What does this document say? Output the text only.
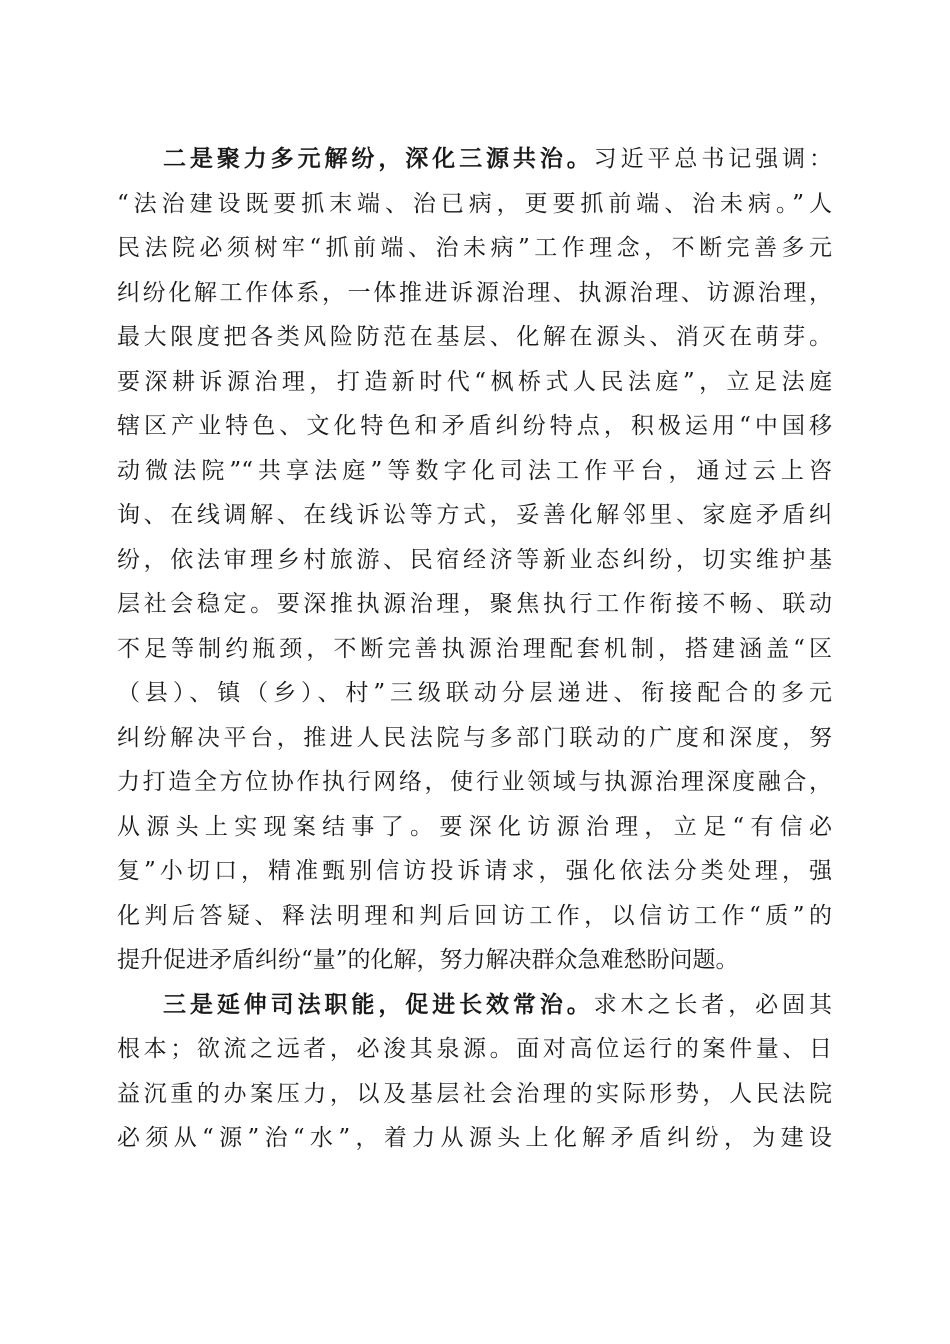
二是聚力多元解纷，深化三源共治。习近平总书记强调：
“法治建设既要抓末端、治已病，更要抓前端、治未病。”人
民法院必须树牢“抓前端、治未病”工作理念，不断完善多元
纠纷化解工作体系，一体推进诉源治理、执源治理、访源治理，
最大限度把各类风险防范在基层、化解在源头、消灭在萌芽。
要深耕诉源治理，打造新时代“枫桥式人民法庭”，立足法庭
辖区产业特色、文化特色和矛盾纠纷特点，积极运用“中国移
动微法院”“共享法庭”等数字化司法工作平台，通过云上咨
询、在线调解、在线诉讼等方式，妥善化解邻里、家庭矛盾纠
纷，依法审理乡村旅游、民宿经济等新业态纠纷，切实维护基
层社会稳定。要深推执源治理，聚焦执行工作衔接不畅、联动
不足等制约瓶颈，不断完善执源治理配套机制，搭建涵盖“区
（县）、镇（乡）、村”三级联动分层递进、衔接配合的多元
纠纷解决平台，推进人民法院与多部门联动的广度和深度，努
力打造全方位协作执行网络，使行业领域与执源治理深度融合，
从源头上实现案结事了。要深化访源治理，立足“有信必
复”小切口，精准甄别信访投诉请求，强化依法分类处理，强
化判后答疑、释法明理和判后回访工作，以信访工作“质”的
提升促进矛盾纠纷“量”的化解，努力解决群众急难愁盼问题。
三是延伸司法职能，促进长效常治。求木之长者，必固其
根本；欲流之远者，必浚其泉源。面对高位运行的案件量、日
益沉重的办案压力，以及基层社会治理的实际形势，人民法院
必须从“源”治“水”，着力从源头上化解矛盾纠纷，为建设
